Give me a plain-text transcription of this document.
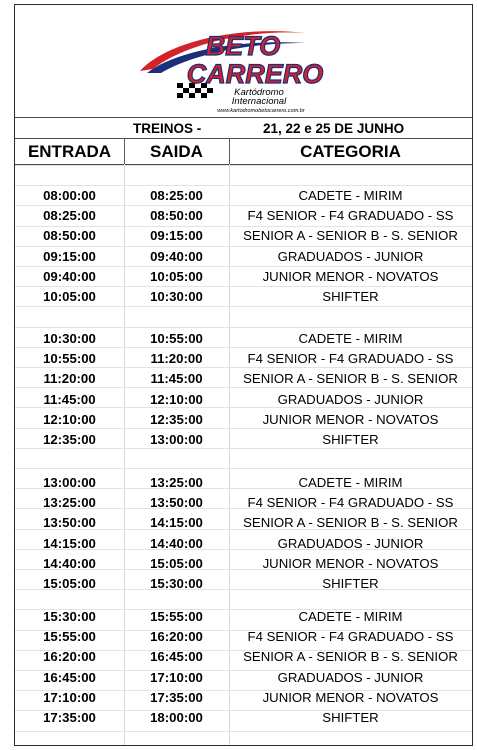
BETO
CARRERO
Kartódromo
Internacional
www.kartodromobetocarrero.com.br
TREINOS -	21, 22 e 25 DE JUNHO
ENTRADA	SAIDA	CATEGORIA
08:00:00	08:25:00	CADETE - MIRIM
08:25:00	08:50:00	F4 SENIOR - F4 GRADUADO - SS
08:50:00	09:15:00	SENIOR A - SENIOR B - S. SENIOR
09:15:00	09:40:00	GRADUADOS - JUNIOR
09:40:00	10:05:00	JUNIOR MENOR - NOVATOS
10:05:00	10:30:00	SHIFTER
10:30:00	10:55:00	CADETE - MIRIM
10:55:00	11:20:00	F4 SENIOR - F4 GRADUADO - SS
11:20:00	11:45:00	SENIOR A - SENIOR B - S. SENIOR
11:45:00	12:10:00	GRADUADOS - JUNIOR
12:10:00	12:35:00	JUNIOR MENOR - NOVATOS
12:35:00	13:00:00	SHIFTER
13:00:00	13:25:00	CADETE - MIRIM
13:25:00	13:50:00	F4 SENIOR - F4 GRADUADO - SS
13:50:00	14:15:00	SENIOR A - SENIOR B - S. SENIOR
14:15:00	14:40:00	GRADUADOS - JUNIOR
14:40:00	15:05:00	JUNIOR MENOR - NOVATOS
15:05:00	15:30:00	SHIFTER
15:30:00	15:55:00	CADETE - MIRIM
15:55:00	16:20:00	F4 SENIOR - F4 GRADUADO - SS
16:20:00	16:45:00	SENIOR A - SENIOR B - S. SENIOR
16:45:00	17:10:00	GRADUADOS - JUNIOR
17:10:00	17:35:00	JUNIOR MENOR - NOVATOS
17:35:00	18:00:00	SHIFTER
